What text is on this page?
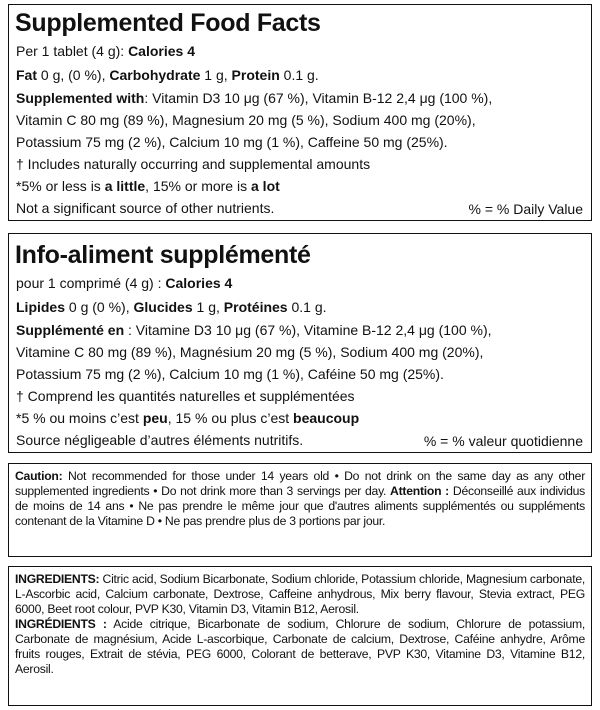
Supplemented Food Facts
Per 1 tablet (4 g): Calories 4
Fat 0 g, (0 %), Carbohydrate 1 g, Protein 0.1 g.
Supplemented with: Vitamin D3 10 μg (67 %), Vitamin B-12 2,4 μg (100 %),
Vitamin C 80 mg (89 %), Magnesium 20 mg (5 %), Sodium 400 mg (20%),
Potassium 75 mg (2 %), Calcium 10 mg (1 %), Caffeine 50 mg (25%).
† Includes naturally occurring and supplemental amounts
*5% or less is a little, 15% or more is a lot
Not a significant source of other nutrients.	% = % Daily Value
Info-aliment supplémenté
pour 1 comprimé (4 g) : Calories 4
Lipides 0 g (0 %), Glucides 1 g, Protéines 0.1 g.
Supplémenté en : Vitamine D3 10 μg (67 %), Vitamine B-12 2,4 μg (100 %),
Vitamine C 80 mg (89 %), Magnésium 20 mg (5 %), Sodium 400 mg (20%),
Potassium 75 mg (2 %), Calcium 10 mg (1 %), Caféine 50 mg (25%).
† Comprend les quantités naturelles et supplémentées
*5 % ou moins c’est peu, 15 % ou plus c’est beaucoup
Source négligeable d’autres éléments nutritifs.	% = % valeur quotidienne
Caution: Not recommended for those under 14 years old • Do not drink on the same day as any other supplemented ingredients • Do not drink more than 3 servings per day. Attention : Déconseillé aux individus de moins de 14 ans • Ne pas prendre le même jour que d'autres aliments supplémentés ou suppléments contenant de la Vitamine D • Ne pas prendre plus de 3 portions par jour.
INGREDIENTS: Citric acid, Sodium Bicarbonate, Sodium chloride, Potassium chloride, Magnesium carbonate, L-Ascorbic acid, Calcium carbonate, Dextrose, Caffeine anhydrous, Mix berry flavour, Stevia extract, PEG 6000, Beet root colour, PVP K30, Vitamin D3, Vitamin B12, Aerosil.
INGRÉDIENTS : Acide citrique, Bicarbonate de sodium, Chlorure de sodium, Chlorure de potassium, Carbonate de magnésium, Acide L-ascorbique, Carbonate de calcium, Dextrose, Caféine anhydre, Arôme fruits rouges, Extrait de stévia, PEG 6000, Colorant de betterave, PVP K30, Vitamine D3, Vitamine B12, Aerosil.
